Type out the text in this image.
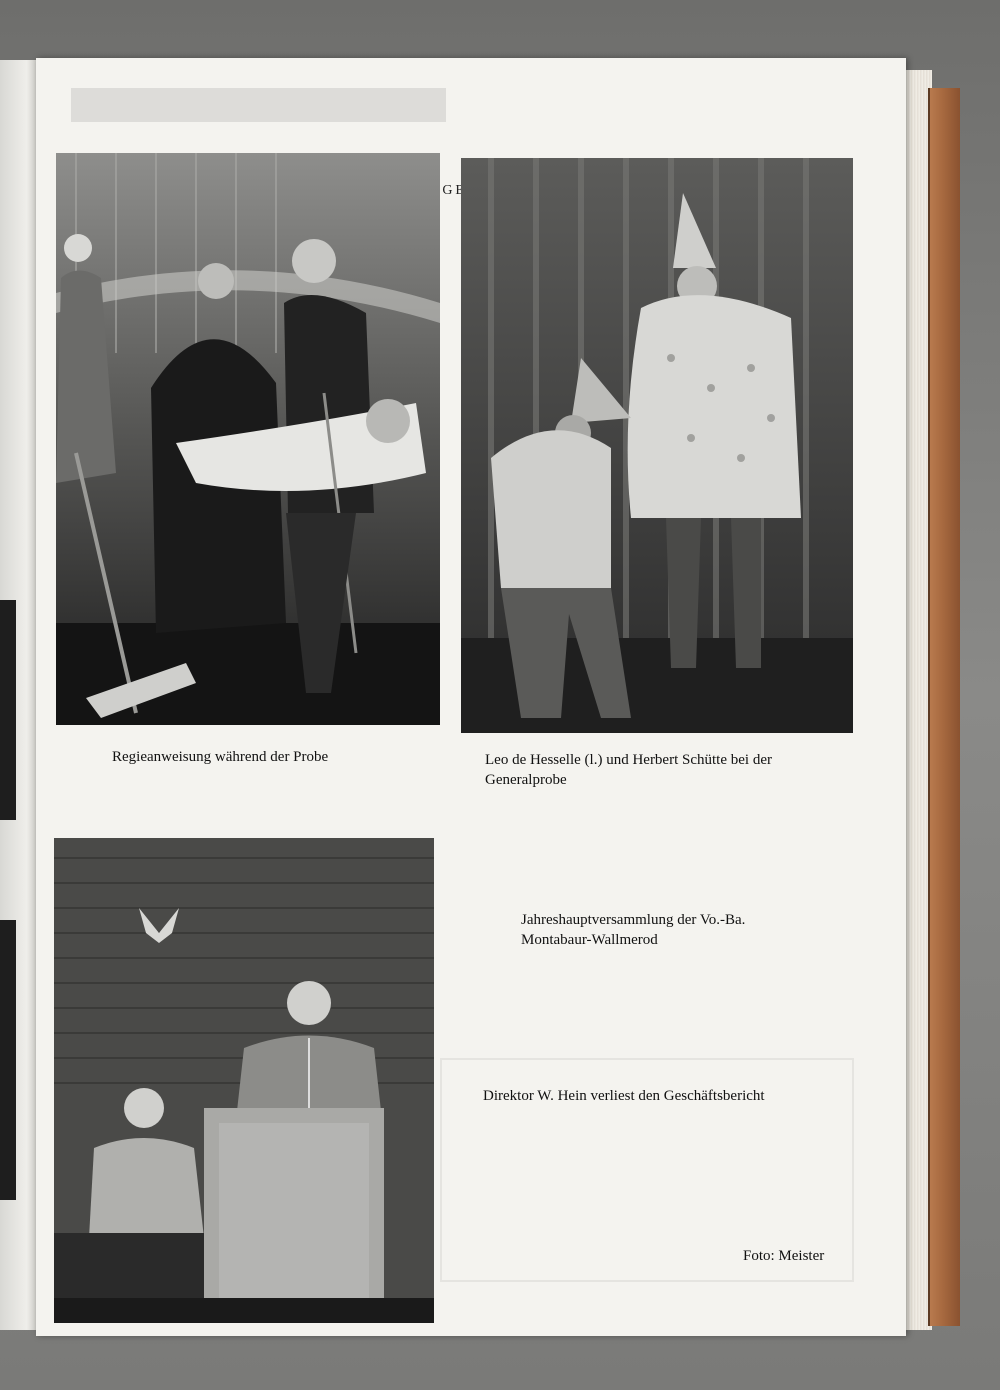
Regieanweisung während der Probe	Leo de Hesselle (l.) und Herbert Schütte bei der Generalprobe

Jahreshauptversammlung der Vo.-Ba.

Montabaur-Wallmerod

Direktor W. Hein verliest den Geschäftsbericht

Foto: Meister
